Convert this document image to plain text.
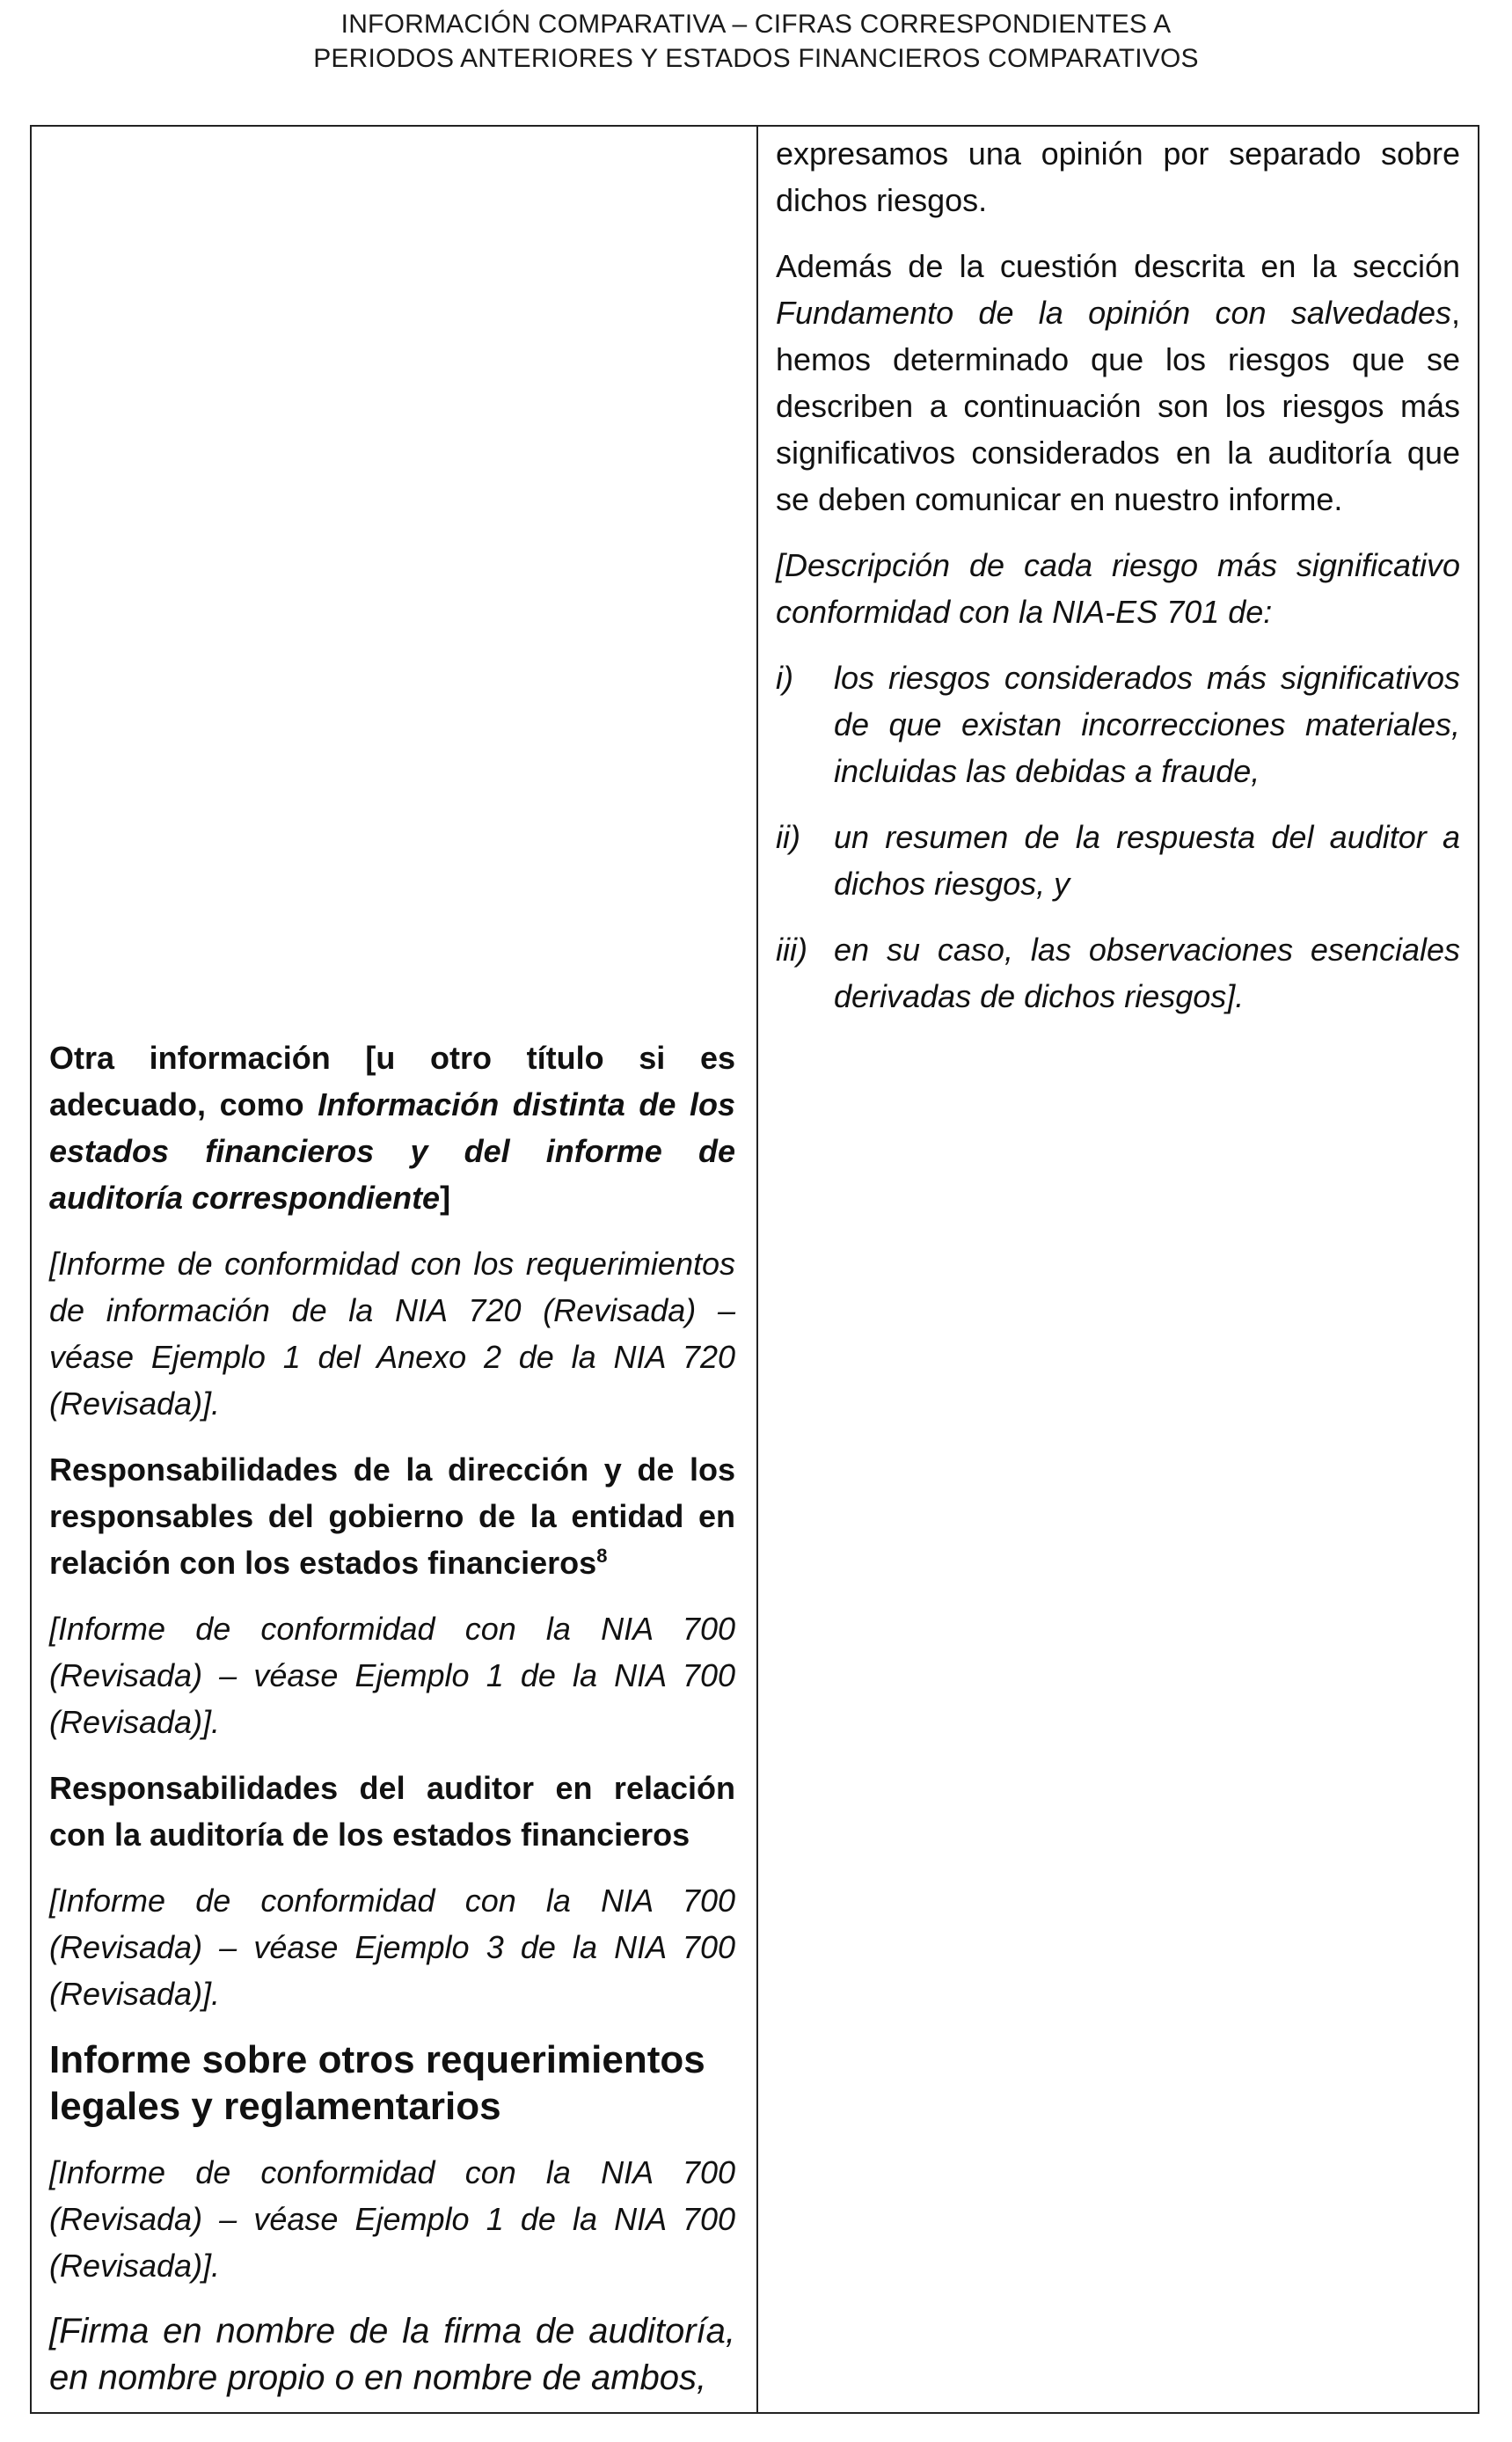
INFORMACIÓN COMPARATIVA – CIFRAS CORRESPONDIENTES A
PERIODOS ANTERIORES Y ESTADOS FINANCIEROS COMPARATIVOS

expresamos una opinión por separado sobre dichos riesgos.

Además de la cuestión descrita en la sección Fundamento de la opinión con salvedades, hemos determinado que los riesgos que se describen a continuación son los riesgos más significativos considerados en la auditoría que se deben comunicar en nuestro informe.

[Descripción de cada riesgo más significativo conformidad con la NIA-ES 701 de:

i)	los riesgos considerados más significativos de que existan incorrecciones materiales, incluidas las debidas a fraude,
ii)	un resumen de la respuesta del auditor a dichos riesgos, y
iii) en su caso, las observaciones esenciales derivadas de dichos riesgos].

Otra información [u otro título si es adecuado, como Información distinta de los estados financieros y del informe de auditoría correspondiente]

[Informe de conformidad con los requerimientos de información de la NIA 720 (Revisada) – véase Ejemplo 1 del Anexo 2 de la NIA 720 (Revisada)].

Responsabilidades de la dirección y de los responsables del gobierno de la entidad en relación con los estados financieros$^8$

[Informe de conformidad con la NIA 700 (Revisada) – véase Ejemplo 1 de la NIA 700 (Revisada)].

Responsabilidades del auditor en relación con la auditoría de los estados financieros

[Informe de conformidad con la NIA 700 (Revisada) – véase Ejemplo 3 de la NIA 700 (Revisada)].

Informe sobre otros requerimientos legales y reglamentarios

[Informe de conformidad con la NIA 700 (Revisada) – véase Ejemplo 1 de la NIA 700 (Revisada)].

[Firma en nombre de la firma de auditoría, en nombre propio o en nombre de ambos,
